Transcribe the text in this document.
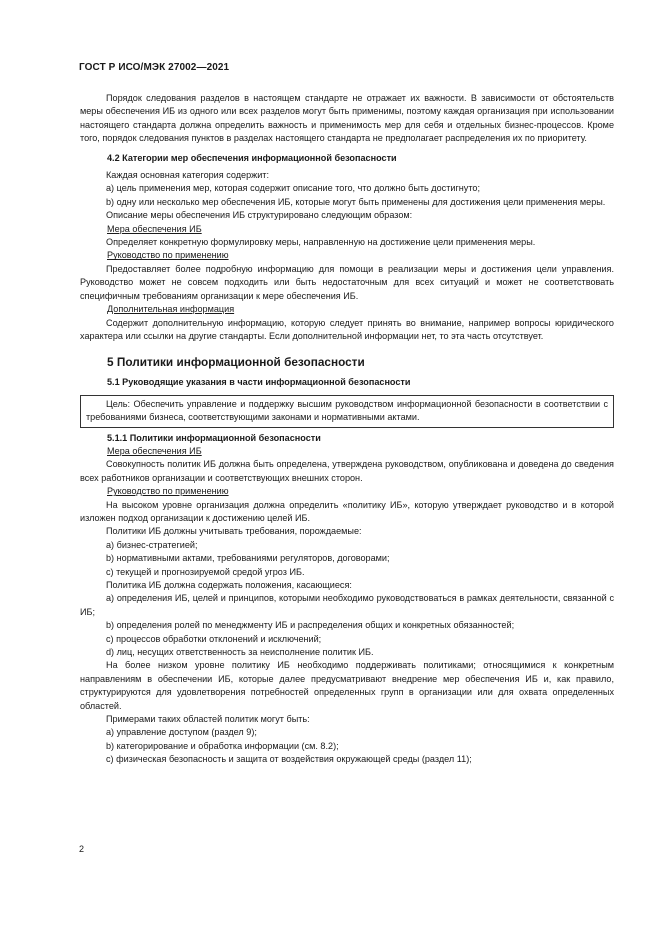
ГОСТ Р ИСО/МЭК 27002—2021

Порядок следования разделов в настоящем стандарте не отражает их важности. В зависимости от обстоятельств меры обеспечения ИБ из одного или всех разделов могут быть применимы, поэтому каждая организация при использовании настоящего стандарта должна определить важность и применимость мер для себя и отдельных бизнес-процессов. Кроме того, порядок следования пунктов в разделах настоящего стандарта не предполагает распределения их по приоритету.

4.2 Категории мер обеспечения информационной безопасности

Каждая основная категория содержит:

a) цель применения мер, которая содержит описание того, что должно быть достигнуто;

b) одну или несколько мер обеспечения ИБ, которые могут быть применены для достижения цели применения меры.

Описание меры обеспечения ИБ структурировано следующим образом:

Мера обеспечения ИБ

Определяет конкретную формулировку меры, направленную на достижение цели применения меры.

Руководство по применению

Предоставляет более подробную информацию для помощи в реализации меры и достижения цели управления. Руководство может не совсем подходить или быть недостаточным для всех ситуаций и может не соответствовать специфичным требованиям организации к мере обеспечения ИБ.

Дополнительная информация

Содержит дополнительную информацию, которую следует принять во внимание, например вопросы юридического характера или ссылки на другие стандарты. Если дополнительной информации нет, то эта часть отсутствует.

5 Политики информационной безопасности

5.1 Руководящие указания в части информационной безопасности

Цель: Обеспечить управление и поддержку высшим руководством информационной безопасности в соответствии с требованиями бизнеса, соответствующими законами и нормативными актами.

5.1.1 Политики информационной безопасности

Мера обеспечения ИБ

Совокупность политик ИБ должна быть определена, утверждена руководством, опубликована и доведена до сведения всех работников организации и соответствующих внешних сторон.

Руководство по применению

На высоком уровне организация должна определить «политику ИБ», которую утверждает руководство и в которой изложен подход организации к достижению целей ИБ.

Политики ИБ должны учитывать требования, порождаемые:

a) бизнес-стратегией;

b) нормативными актами, требованиями регуляторов, договорами;

c) текущей и прогнозируемой средой угроз ИБ.

Политика ИБ должна содержать положения, касающиеся:

a) определения ИБ, целей и принципов, которыми необходимо руководствоваться в рамках деятельности, связанной с ИБ;

b) определения ролей по менеджменту ИБ и распределения общих и конкретных обязанностей;

c) процессов обработки отклонений и исключений;

d) лиц, несущих ответственность за неисполнение политик ИБ.

На более низком уровне политику ИБ необходимо поддерживать политиками; относящимися к конкретным направлениям в обеспечении ИБ, которые далее предусматривают внедрение мер обеспечения ИБ и, как правило, структурируются для удовлетворения потребностей определенных групп в организации или для охвата определенных областей.

Примерами таких областей политик могут быть:

a) управление доступом (раздел 9);

b) категорирование и обработка информации (см. 8.2);

c) физическая безопасность и защита от воздействия окружающей среды (раздел 11);

2
